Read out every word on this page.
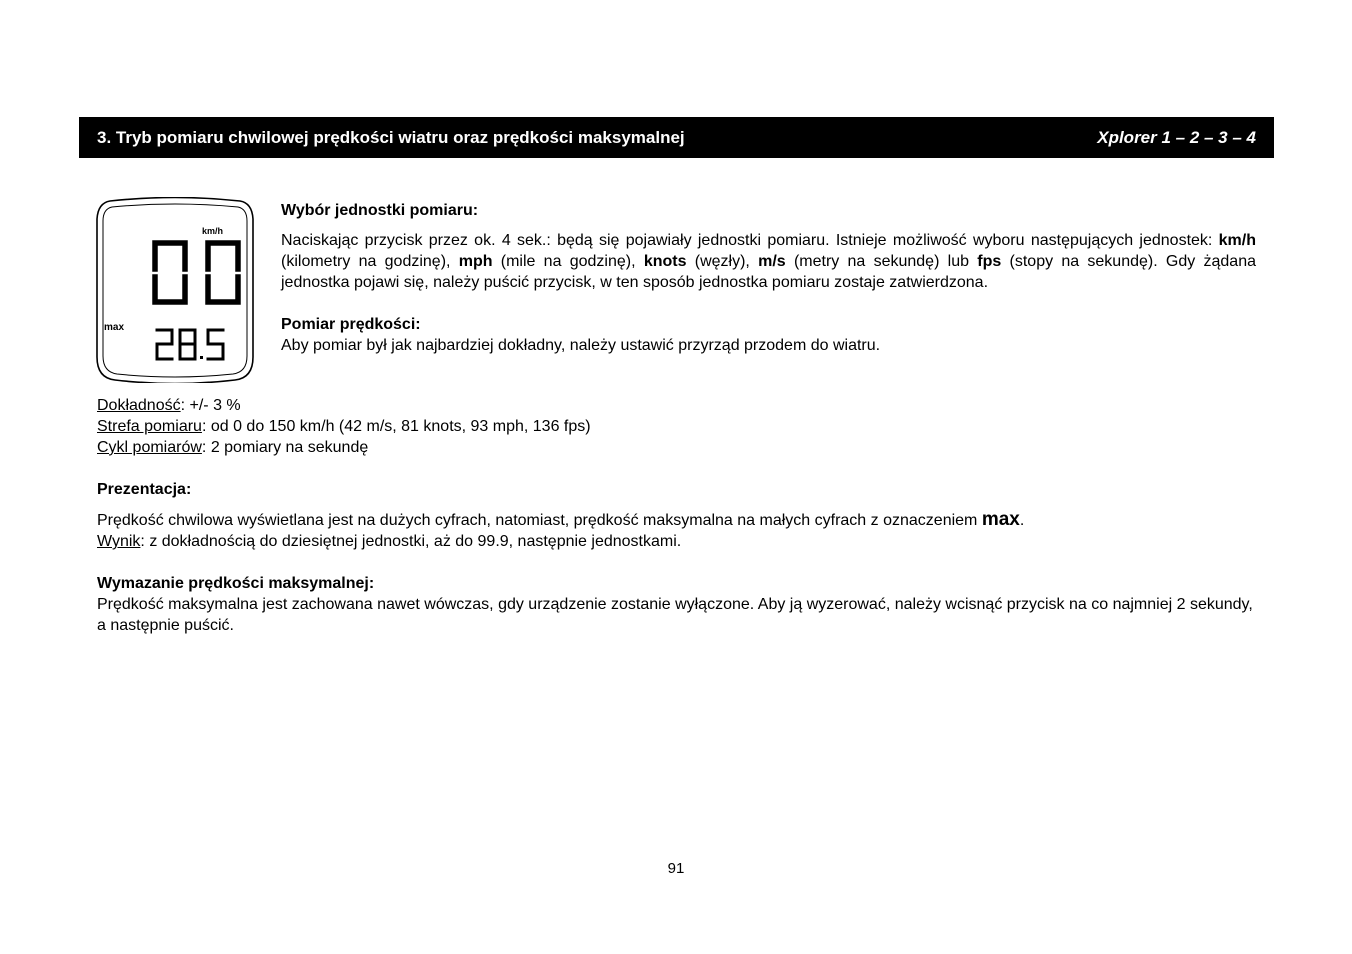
3. Tryb pomiaru chwilowej prędkości wiatru oraz prędkości maksymalnej	Xplorer 1 – 2 – 3 – 4
km/h
max
Wybór jednostki pomiaru:

Naciskając przycisk przez ok. 4 sek.: będą się pojawiały jednostki pomiaru. Istnieje możliwość wyboru następujących jednostek: km/h (kilometry na godzinę), mph (mile na godzinę), knots (węzły), m/s (metry na sekundę) lub fps (stopy na sekundę). Gdy żądana jednostka pojawi się, należy puścić przycisk, w ten sposób jednostka pomiaru zostaje zatwierdzona.

Pomiar prędkości:

Aby pomiar był jak najbardziej dokładny, należy ustawić przyrząd przodem do wiatru.

Dokładność: +/- 3 %

Strefa pomiaru: od 0 do 150 km/h (42 m/s, 81 knots, 93 mph, 136 fps)

Cykl pomiarów: 2 pomiary na sekundę

Prezentacja:

Prędkość chwilowa wyświetlana jest na dużych cyfrach, natomiast, prędkość maksymalna na małych cyfrach z oznaczeniem max.

Wynik: z dokładnością do dziesiętnej jednostki, aż do 99.9, następnie jednostkami.

Wymazanie prędkości maksymalnej:

Prędkość maksymalna jest zachowana nawet wówczas, gdy urządzenie zostanie wyłączone. Aby ją wyzerować, należy wcisnąć przycisk na co najmniej 2 sekundy, a następnie puścić.

91
